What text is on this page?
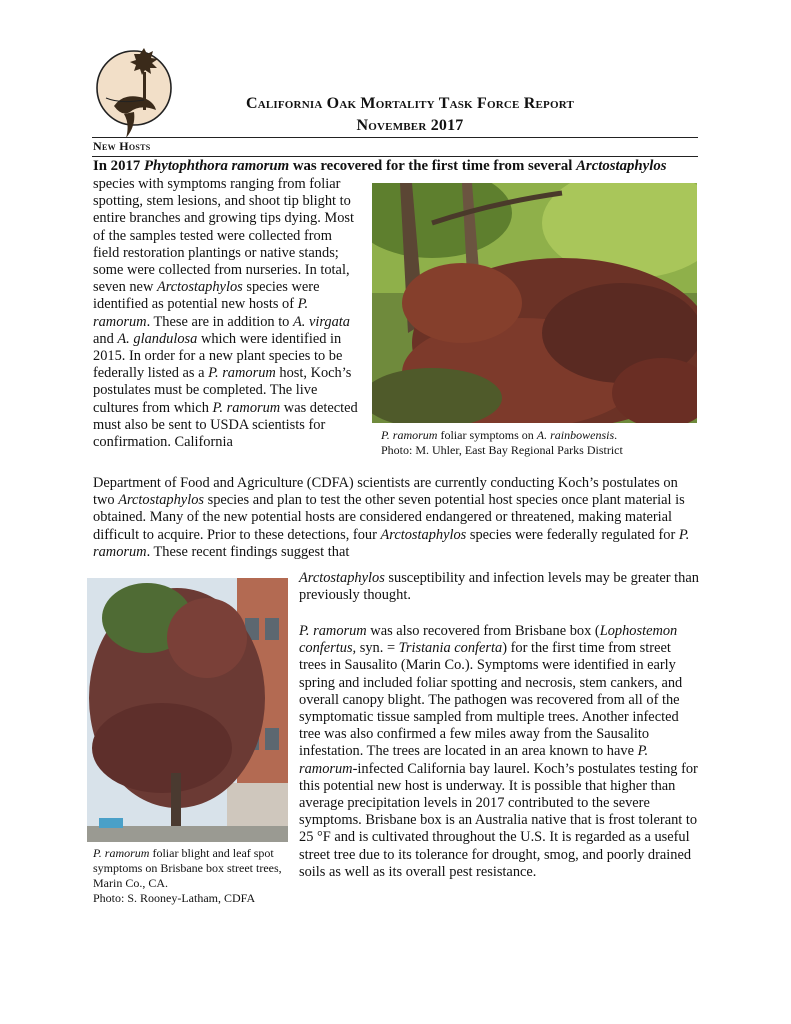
California Oak Mortality Task Force Report
November 2017
New Hosts
In 2017 Phytophthora ramorum was recovered for the first time from several Arctostaphylos
species with symptoms ranging from foliar spotting, stem lesions, and shoot tip blight to entire branches and growing tips dying. Most of the samples tested were collected from field restoration plantings or native stands; some were collected from nurseries. In total, seven new Arctostaphylos species were identified as potential new hosts of P. ramorum. These are in addition to A. virgata and A. glandulosa which were identified in 2015. In order for a new plant species to be federally listed as a P. ramorum host, Koch’s postulates must be completed. The live cultures from which P. ramorum was detected must also be sent to USDA scientists for confirmation. California	P. ramorum foliar symptoms on A. rainbowensis.
Photo: M. Uhler, East Bay Regional Parks District
Department of Food and Agriculture (CDFA) scientists are currently conducting Koch’s postulates on two Arctostaphylos species and plan to test the other seven potential host species once plant material is obtained. Many of the new potential hosts are considered endangered or threatened, making material difficult to acquire. Prior to these detections, four Arctostaphylos species were federally regulated for P. ramorum. These recent findings suggest that
P. ramorum foliar blight and leaf spot symptoms on Brisbane box street trees, Marin Co., CA.
Photo: S. Rooney-Latham, CDFA
Arctostaphylos susceptibility and infection levels may be greater than previously thought.
P. ramorum was also recovered from Brisbane box (Lophostemon confertus, syn. = Tristania conferta) for the first time from street trees in Sausalito (Marin Co.). Symptoms were identified in early spring and included foliar spotting and necrosis, stem cankers, and overall canopy blight. The pathogen was recovered from all of the symptomatic tissue sampled from multiple trees. Another infected tree was also confirmed a few miles away from the Sausalito infestation. The trees are located in an area known to have P. ramorum-infected California bay laurel. Koch’s postulates testing for this potential new host is underway. It is possible that higher than average precipitation levels in 2017 contributed to the severe symptoms. Brisbane box is an Australia native that is frost tolerant to 25 °F and is cultivated throughout the U.S. It is regarded as a useful street tree due to its tolerance for drought, smog, and poorly drained soils as well as its overall pest resistance.
